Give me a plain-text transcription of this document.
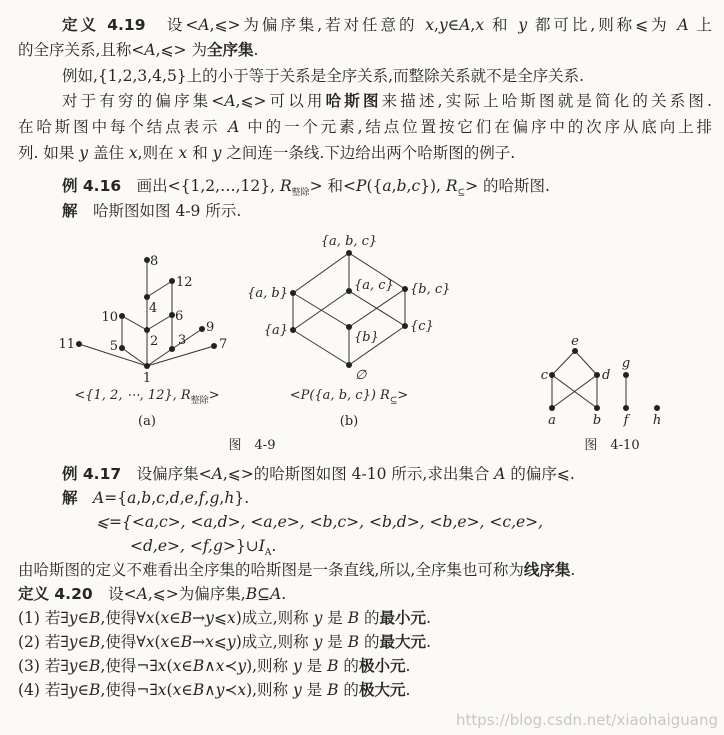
定义 4.19　设<A,⩽>为偏序集,若对任意的 x,y∈A,x 和 y 都可比,则称⩽为 A 上
的全序关系,且称<A,⩽> 为全序集.
例如,{1,2,3,4,5}上的小于等于关系是全序关系,而整除关系就不是全序关系.
对于有穷的偏序集<A,⩽>可以用哈斯图来描述,实际上哈斯图就是简化的关系图.
在哈斯图中每个结点表示 A 中的一个元素,结点位置按它们在偏序中的次序从底向上排
列. 如果 y 盖住 x,则在 x 和 y 之间连一条线.下边给出两个哈斯图的例子.
例 4.16　画出<{1,2,…,12}, $R_{整除}>$ 和<P({a,b,c}), $R_⊆>$ 的哈斯图.
解　哈斯图如图 4-9 所示.
例 4.17　设偏序集<A,⩽>的哈斯图如图 4-10 所示,求出集合 A 的偏序⩽.
解　 A={a,b,c,d,e,f,g,h}.
⩽={<a,c>, <a,d>, <a,e>, <b,c>, <b,d>, <b,e>, <c,e>,
<d,e>, $<f,g>\}\cup I_A$.
由哈斯图的定义不难看出全序集的哈斯图是一条直线,所以,全序集也可称为线序集.
定义 4.20　设<A,⩽>为偏序集,B⊆A.
(1) 若∃y∈B,使得∀x(x∈B→y⩽x)成立,则称 y 是 B 的最小元.
(2) 若∃y∈B,使得∀x(x∈B→x⩽y)成立,则称 y 是 B 的最大元.
(3) 若∃y∈B,使得¬∃x(x∈B∧x≺y),则称 y 是 B 的极小元.
(4) 若∃y∈B,使得¬∃x(x∈B∧y≺x),则称 y 是 B 的极大元.
1
2 3
4
5
6
7
8
9
10
11
12
∅
{a}	{b}
{c}
{a, b}
{a, c} {b, c}
{a, b, c}
a	b
c	d
e
f
g
h
<{1, 2, ⋯, 12}, $R_{整除}>$
(a)
<P({a, b, c}) $R_⊆>$
(b)
图　4-9	图　4-10
https://blog.csdn.net/xiaohaiguang
